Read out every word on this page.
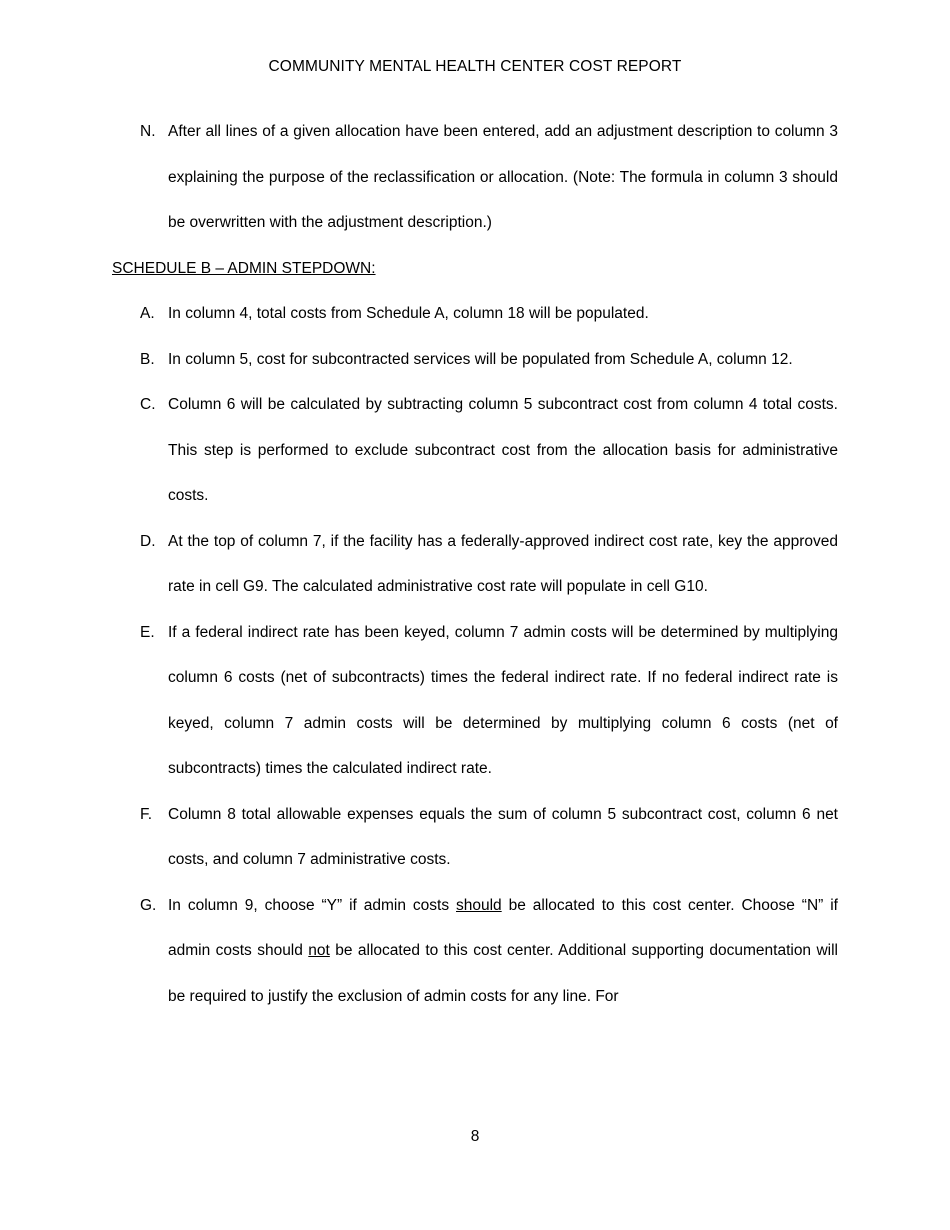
COMMUNITY MENTAL HEALTH CENTER COST REPORT
N. After all lines of a given allocation have been entered, add an adjustment description to column 3 explaining the purpose of the reclassification or allocation. (Note: The formula in column 3 should be overwritten with the adjustment description.)
SCHEDULE B – ADMIN STEPDOWN:
A. In column 4, total costs from Schedule A, column 18 will be populated.
B. In column 5, cost for subcontracted services will be populated from Schedule A, column 12.
C. Column 6 will be calculated by subtracting column 5 subcontract cost from column 4 total costs. This step is performed to exclude subcontract cost from the allocation basis for administrative costs.
D. At the top of column 7, if the facility has a federally-approved indirect cost rate, key the approved rate in cell G9. The calculated administrative cost rate will populate in cell G10.
E. If a federal indirect rate has been keyed, column 7 admin costs will be determined by multiplying column 6 costs (net of subcontracts) times the federal indirect rate. If no federal indirect rate is keyed, column 7 admin costs will be determined by multiplying column 6 costs (net of subcontracts) times the calculated indirect rate.
F. Column 8 total allowable expenses equals the sum of column 5 subcontract cost, column 6 net costs, and column 7 administrative costs.
G. In column 9, choose “Y” if admin costs should be allocated to this cost center. Choose “N” if admin costs should not be allocated to this cost center. Additional supporting documentation will be required to justify the exclusion of admin costs for any line. For
8
